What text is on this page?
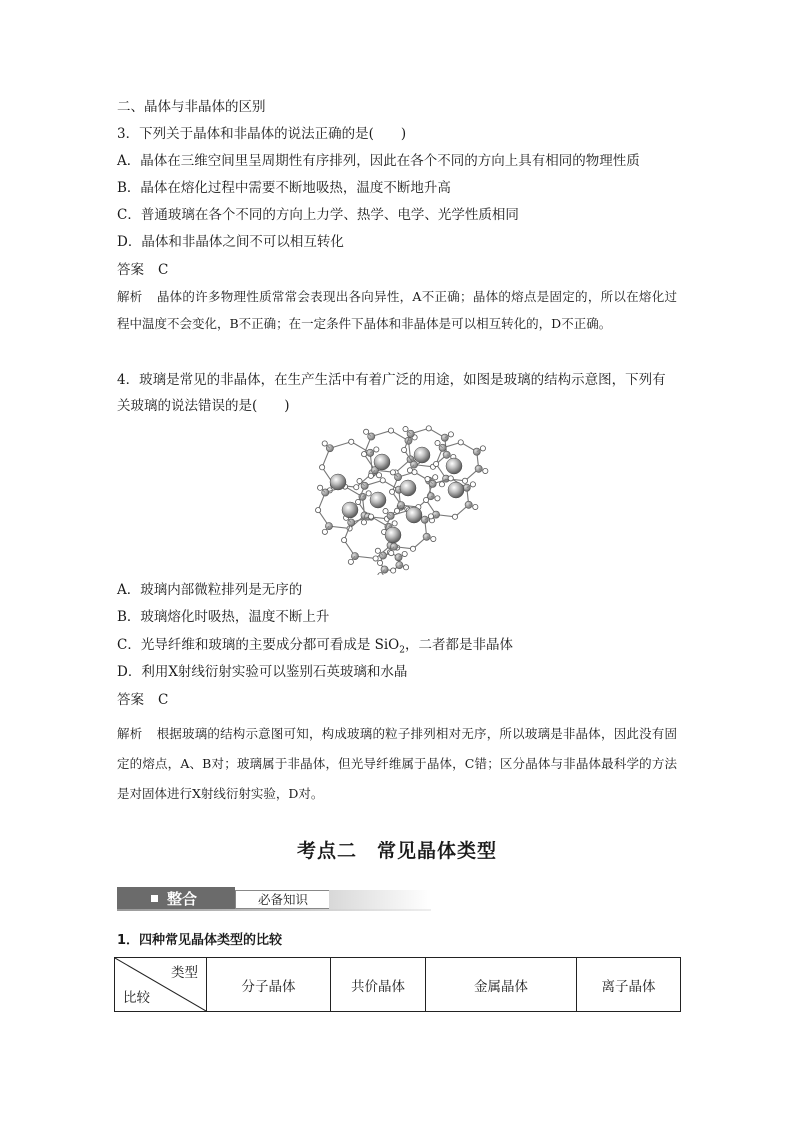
二、晶体与非晶体的区别
3．下列关于晶体和非晶体的说法正确的是(　　)
A．晶体在三维空间里呈周期性有序排列，因此在各个不同的方向上具有相同的物理性质
B．晶体在熔化过程中需要不断地吸热，温度不断地升高
C．普通玻璃在各个不同的方向上力学、热学、电学、光学性质相同
D．晶体和非晶体之间不可以相互转化
答案 C
解析 晶体的许多物理性质常常会表现出各向异性，A不正确；晶体的熔点是固定的，所以在熔化过程中温度不会变化，B不正确；在一定条件下晶体和非晶体是可以相互转化的，D不正确。
4．玻璃是常见的非晶体，在生产生活中有着广泛的用途，如图是玻璃的结构示意图，下列有
关玻璃的说法错误的是(　　)
A．玻璃内部微粒排列是无序的
B．玻璃熔化时吸热，温度不断上升
C．光导纤维和玻璃的主要成分都可看成是 SiO$_2$，二者都是非晶体
D．利用X射线衍射实验可以鉴别石英玻璃和水晶
答案 C
解析 根据玻璃的结构示意图可知，构成玻璃的粒子排列相对无序，所以玻璃是非晶体，因此没有固定的熔点，A、B对；玻璃属于非晶体，但光导纤维属于晶体，C错；区分晶体与非晶体最科学的方法是对固体进行X射线衍射实验，D对。
考点二　常见晶体类型
整合	必备知识
1．四种常见晶体类型的比较
类型
比较
	分子晶体	共价晶体	金属晶体	离子晶体
